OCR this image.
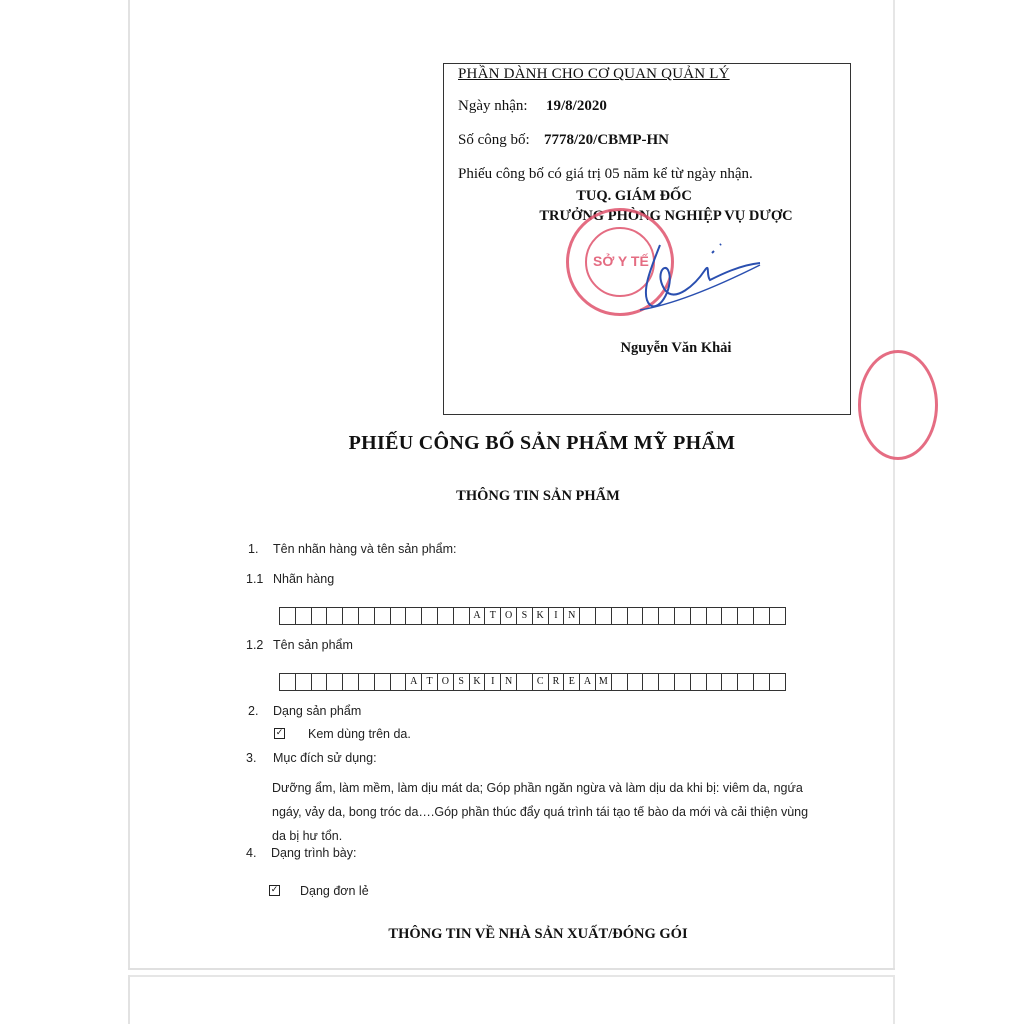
PHẦN DÀNH CHO CƠ QUAN QUẢN LÝ
Ngày nhận: 19/8/2020
Số công bố: 7778/20/CBMP-HN
Phiếu công bố có giá trị 05 năm kể từ ngày nhận.
TUQ. GIÁM ĐỐC
TRƯỞNG PHÒNG NGHIỆP VỤ DƯỢC
Nguyễn Văn Khải
SỞ Y TẾ
PHIẾU CÔNG BỐ SẢN PHẨM MỸ PHẨM
THÔNG TIN SẢN PHẨM
1. Tên nhãn hàng và tên sản phẩm:
1.1 Nhãn hàng
A T O S K	I	N
1.2 Tên sản phẩm
A T O S K	I	N	C R E A M
2. Dạng sản phẩm
✓ Kem dùng trên da.
3. Mục đích sử dụng:
Dưỡng ẩm, làm mềm, làm dịu mát da; Góp phần ngăn ngừa và làm dịu da khi bị: viêm da, ngứa ngáy, vảy da, bong tróc da….Góp phần thúc đẩy quá trình tái tạo tế bào da mới và cải thiện vùng da bị hư tổn.
4. Dạng trình bày:
✓ Dạng đơn lẻ
THÔNG TIN VỀ NHÀ SẢN XUẤT/ĐÓNG GÓI
